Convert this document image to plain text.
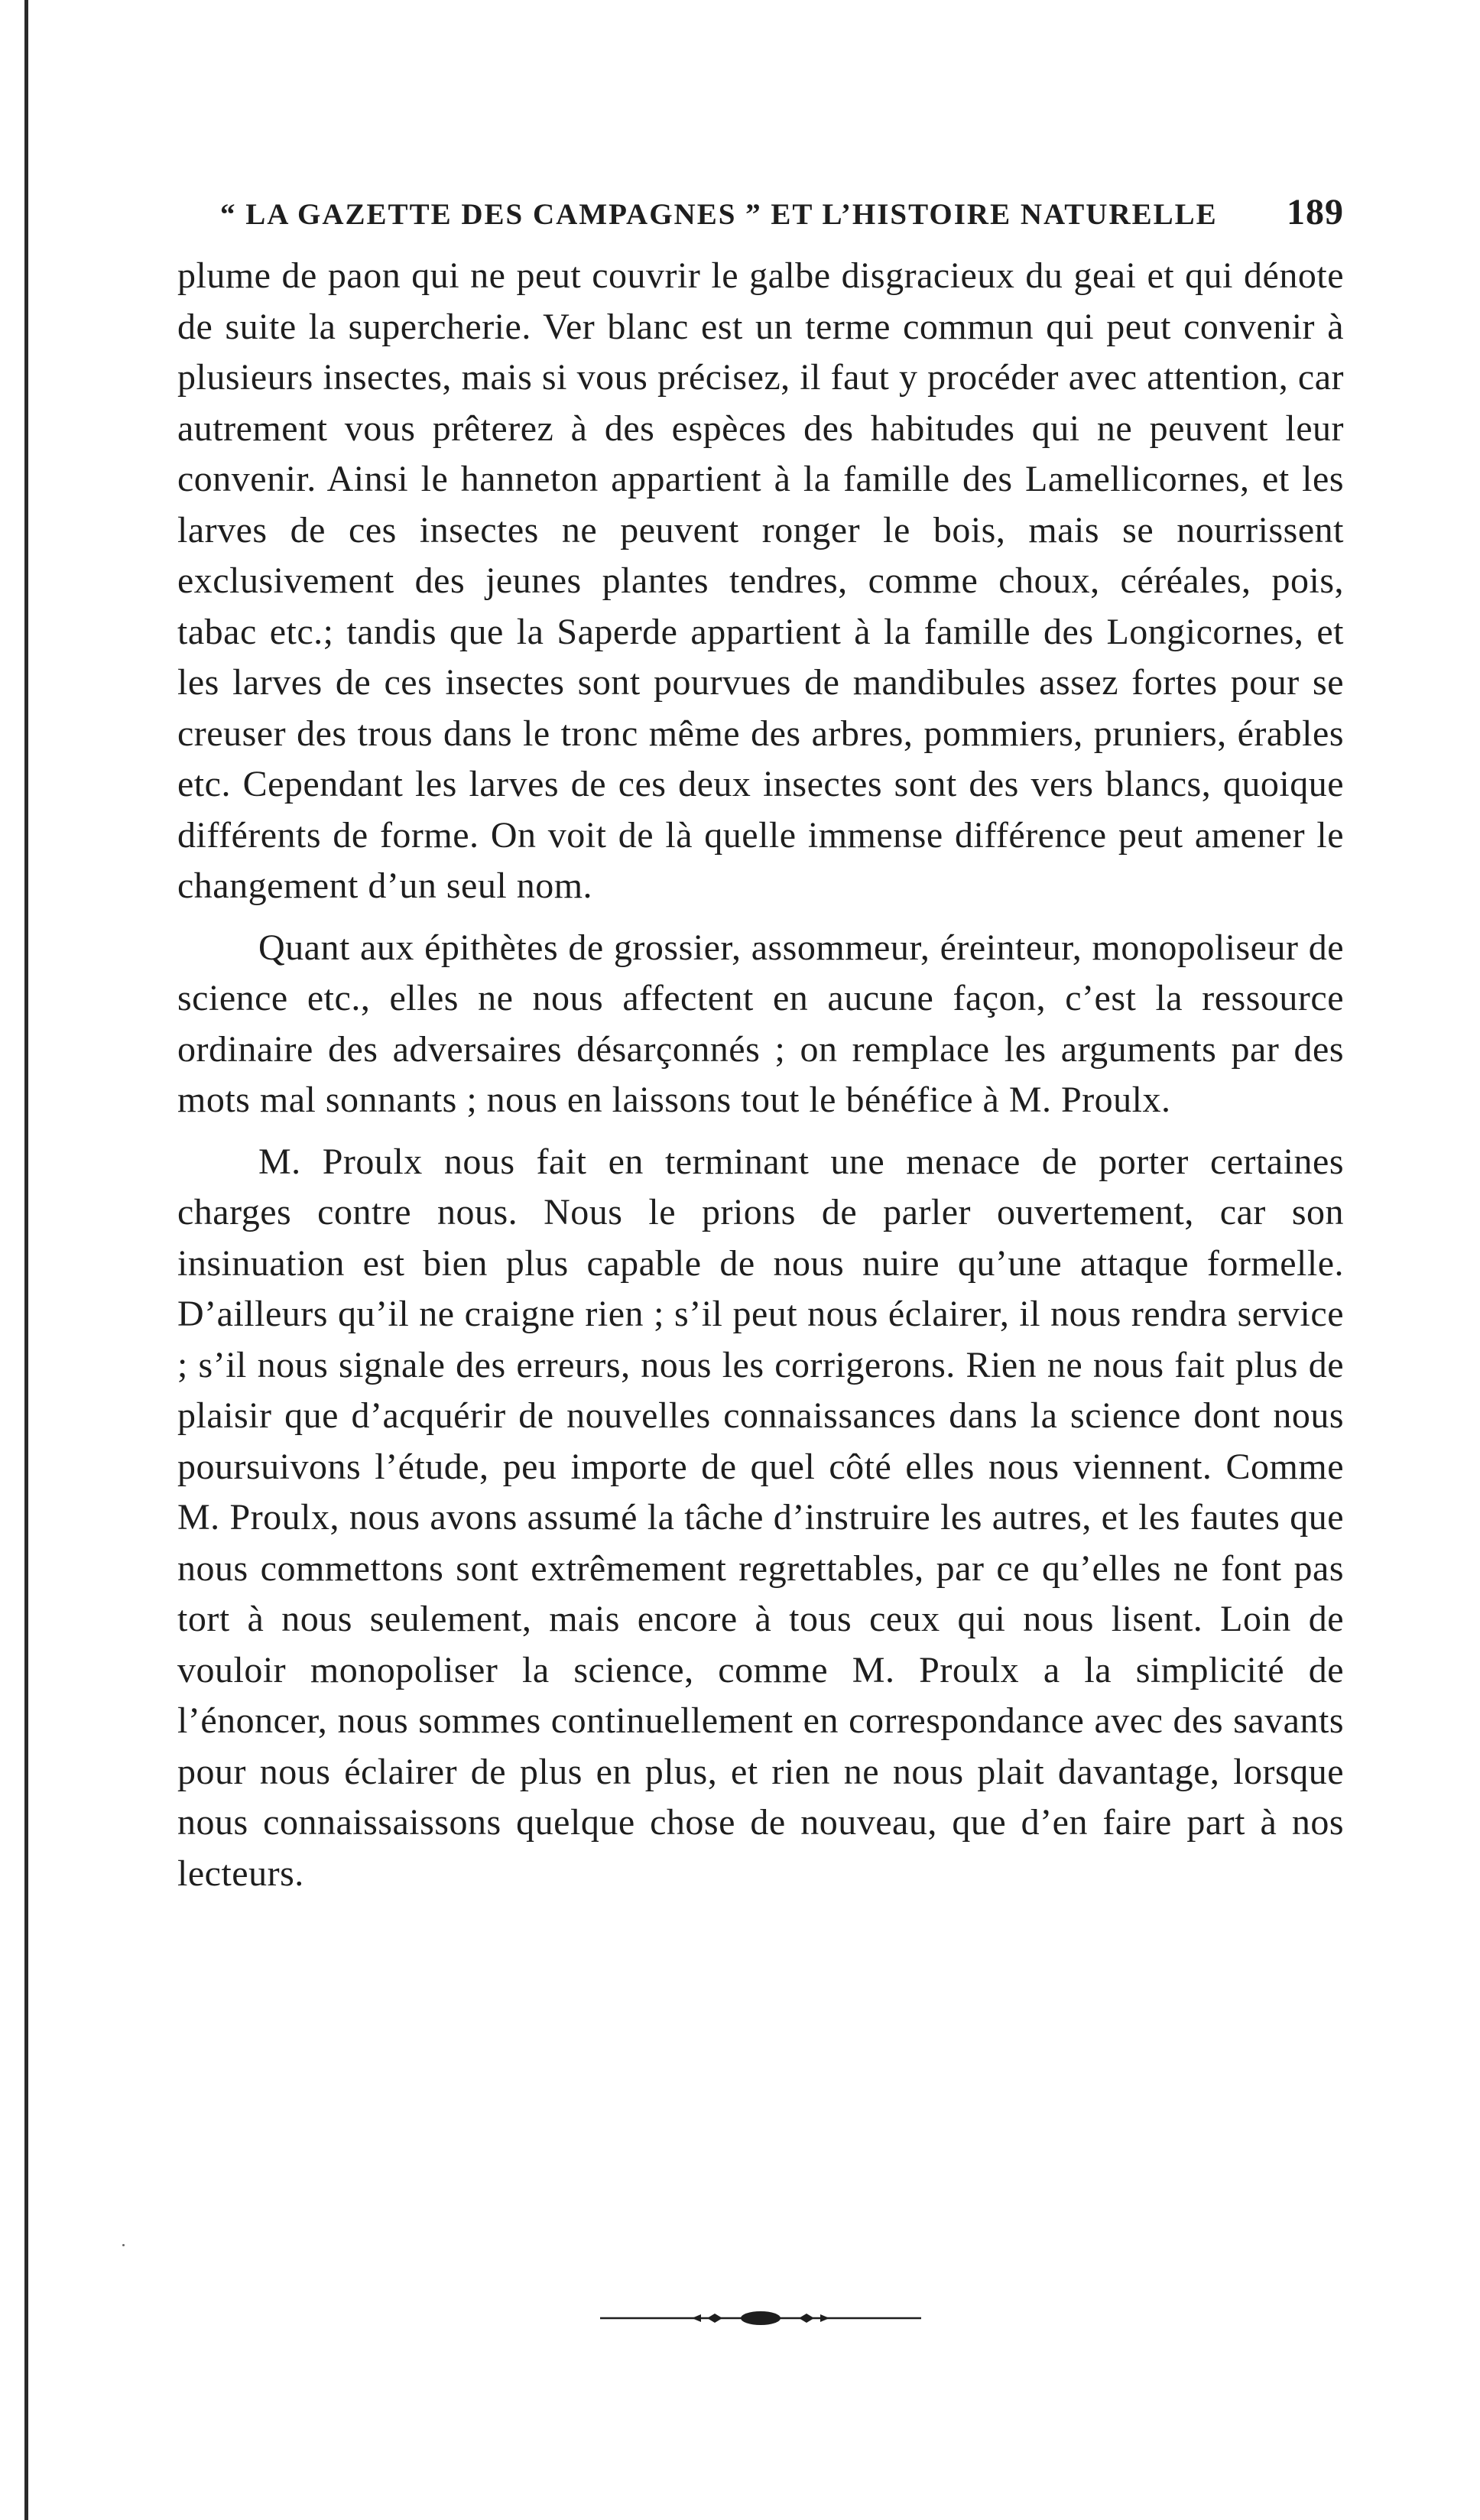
“ LA GAZETTE DES CAMPAGNES ” ET L’HISTOIRE NATURELLE	189

plume de paon qui ne peut couvrir le galbe disgracieux du geai et qui dénote de suite la supercherie. Ver blanc est un terme commun qui peut convenir à plusieurs insectes, mais si vous précisez, il faut y procéder avec attention, car autrement vous prêterez à des espèces des habitudes qui ne peuvent leur convenir. Ainsi le hanneton appartient à la famille des Lamellicornes, et les larves de ces insectes ne peuvent ronger le bois, mais se nourrissent exclusivement des jeunes plantes tendres, comme choux, céréales, pois, tabac etc.; tandis que la Saperde appartient à la famille des Longicornes, et les larves de ces insectes sont pourvues de mandibules assez fortes pour se creuser des trous dans le tronc même des arbres, pommiers, pruniers, érables etc. Cependant les larves de ces deux insectes sont des vers blancs, quoique différents de forme. On voit de là quelle immense différence peut amener le changement d’un seul nom.

Quant aux épithètes de grossier, assommeur, éreinteur, monopoliseur de science etc., elles ne nous affectent en aucune façon, c’est la ressource ordinaire des adversaires désarçonnés ; on remplace les arguments par des mots mal sonnants ; nous en laissons tout le bénéfice à M. Proulx.

M. Proulx nous fait en terminant une menace de porter certaines charges contre nous. Nous le prions de parler ouvertement, car son insinuation est bien plus capable de nous nuire qu’une attaque formelle. D’ailleurs qu’il ne craigne rien ; s’il peut nous éclairer, il nous rendra service ; s’il nous signale des erreurs, nous les corrigerons. Rien ne nous fait plus de plaisir que d’acquérir de nouvelles connaissances dans la science dont nous poursuivons l’étude, peu importe de quel côté elles nous viennent. Comme M. Proulx, nous avons assumé la tâche d’instruire les autres, et les fautes que nous commettons sont extrêmement regrettables, par ce qu’elles ne font pas tort à nous seulement, mais encore à tous ceux qui nous lisent. Loin de vouloir monopoliser la science, comme M. Proulx a la simplicité de l’énoncer, nous sommes continuellement en correspondance avec des savants pour nous éclairer de plus en plus, et rien ne nous plait davantage, lorsque nous connaissaissons quelque chose de nouveau, que d’en faire part à nos lecteurs.
